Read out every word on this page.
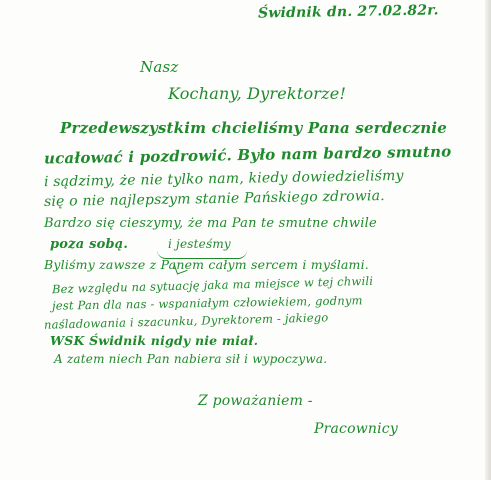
Świdnik dn. 27.02.82r.
Nasz
Kochany, Dyrektorze!
Przedewszystkim chcieliśmy Pana serdecznie
ucałować i pozdrowić. Było nam bardzo smutno
i sądzimy, że nie tylko nam, kiedy dowiedzieliśmy
się o nie najlepszym stanie Pańskiego zdrowia.
Bardzo się cieszymy, że ma Pan te smutne chwile
poza sobą.	i jesteśmy
Byliśmy zawsze z Panem całym sercem i myślami.
Bez względu na sytuację jaka ma miejsce w tej chwili
jest Pan dla nas - wspaniałym człowiekiem, godnym
naśladowania i szacunku, Dyrektorem - jakiego
WSK Świdnik nigdy nie miał.
A zatem niech Pan nabiera sił i wypoczywa.
Z poważaniem -
Pracownicy
